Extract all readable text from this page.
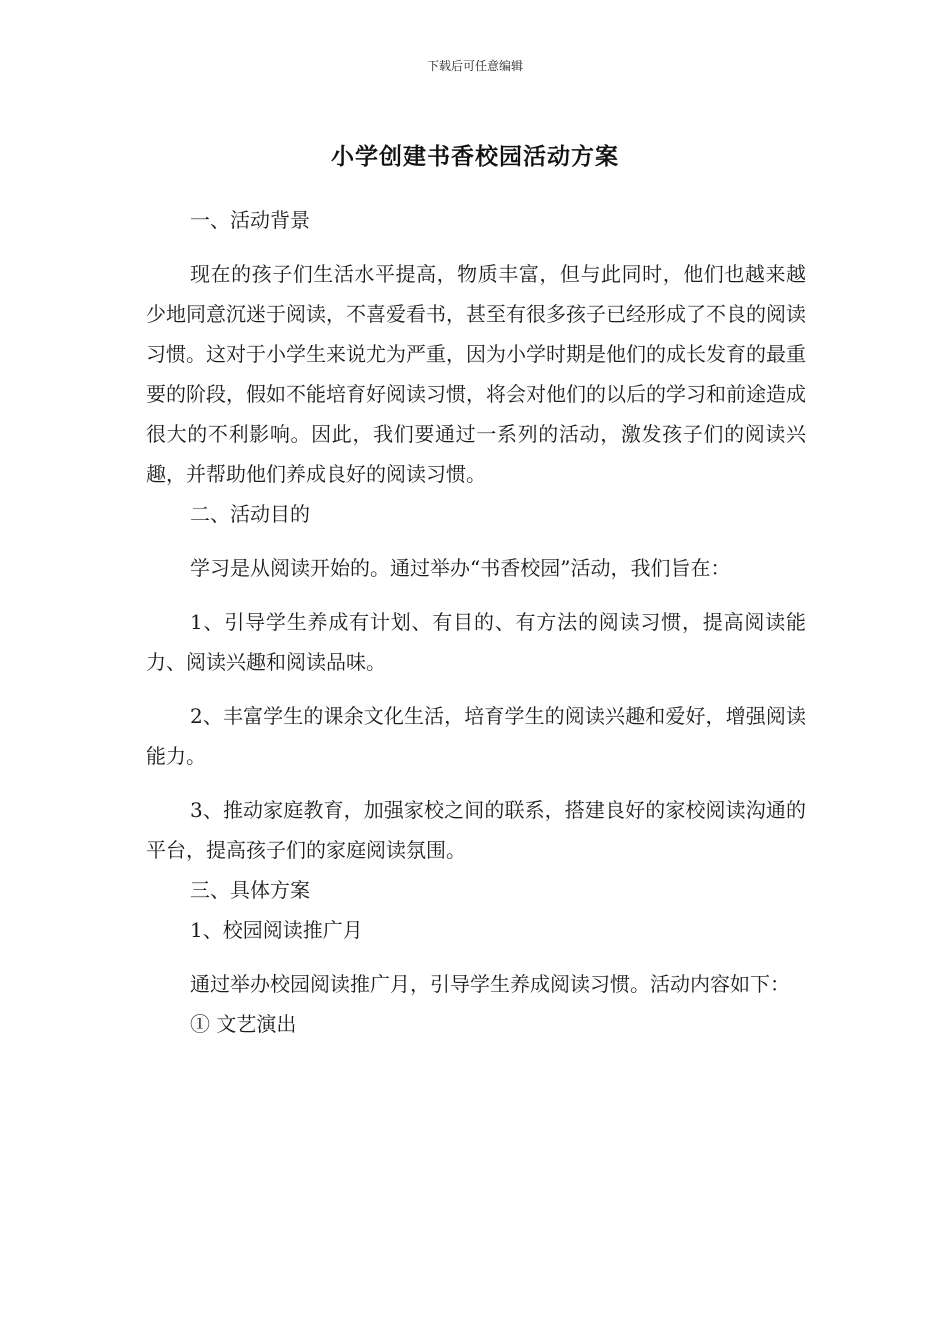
下载后可任意编辑
小学创建书香校园活动方案

一、活动背景

现在的孩子们生活水平提高，物质丰富，但与此同时，他们也越来越少地同意沉迷于阅读，不喜爱看书，甚至有很多孩子已经形成了不良的阅读习惯。这对于小学生来说尤为严重，因为小学时期是他们的成长发育的最重要的阶段，假如不能培育好阅读习惯，将会对他们的以后的学习和前途造成很大的不利影响。因此，我们要通过一系列的活动，激发孩子们的阅读兴趣，并帮助他们养成良好的阅读习惯。

二、活动目的

学习是从阅读开始的。通过举办“书香校园”活动，我们旨在：

1、引导学生养成有计划、有目的、有方法的阅读习惯，提高阅读能力、阅读兴趣和阅读品味。

2、丰富学生的课余文化生活，培育学生的阅读兴趣和爱好，增强阅读能力。

3、推动家庭教育，加强家校之间的联系，搭建良好的家校阅读沟通的平台，提高孩子们的家庭阅读氛围。

三、具体方案

1、校园阅读推广月

通过举办校园阅读推广月，引导学生养成阅读习惯。活动内容如下：

① 文艺演出
